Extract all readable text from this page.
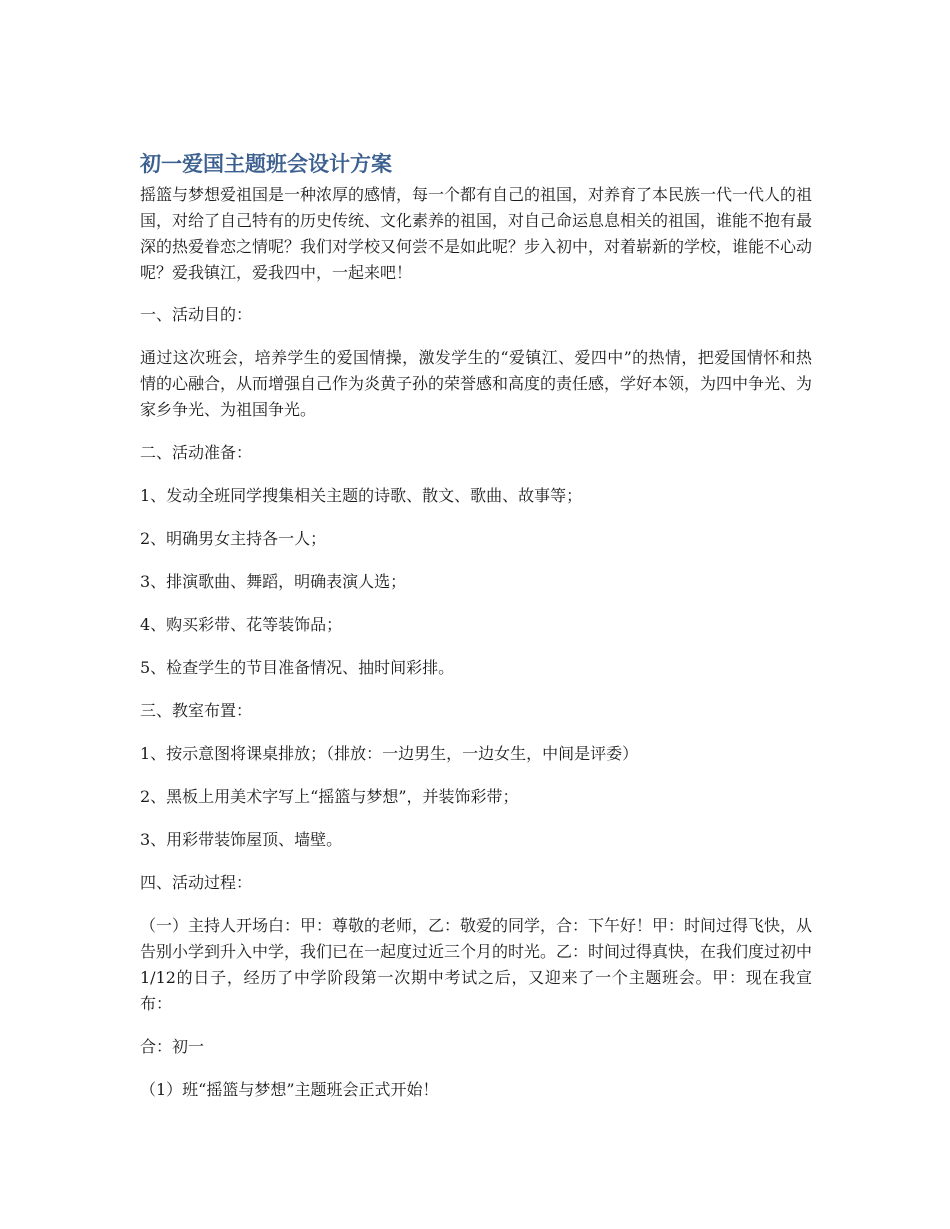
初一爱国主题班会设计方案

摇篮与梦想爱祖国是一种浓厚的感情，每一个都有自己的祖国，对养育了本民族一代一代人的祖国，对给了自己特有的历史传统、文化素养的祖国，对自己命运息息相关的祖国，谁能不抱有最深的热爱眷恋之情呢？我们对学校又何尝不是如此呢？步入初中，对着崭新的学校，谁能不心动呢？爱我镇江，爱我四中，一起来吧！

一、活动目的：

通过这次班会，培养学生的爱国情操，激发学生的“爱镇江、爱四中”的热情，把爱国情怀和热情的心融合，从而增强自己作为炎黄子孙的荣誉感和高度的责任感，学好本领，为四中争光、为家乡争光、为祖国争光。

二、活动准备：

1、发动全班同学搜集相关主题的诗歌、散文、歌曲、故事等；

2、明确男女主持各一人；

3、排演歌曲、舞蹈，明确表演人选；

4、购买彩带、花等装饰品；

5、检查学生的节目准备情况、抽时间彩排。

三、教室布置：

1、按示意图将课桌排放；（排放：一边男生，一边女生，中间是评委）

2、黑板上用美术字写上“摇篮与梦想”，并装饰彩带；

3、用彩带装饰屋顶、墙壁。

四、活动过程：

（一）主持人开场白：甲：尊敬的老师，乙：敬爱的同学，合：下午好！甲：时间过得飞快，从告别小学到升入中学，我们已在一起度过近三个月的时光。乙：时间过得真快，在我们度过初中1/12的日子，经历了中学阶段第一次期中考试之后，又迎来了一个主题班会。甲：现在我宣布：

合：初一

（1）班“摇篮与梦想”主题班会正式开始！
